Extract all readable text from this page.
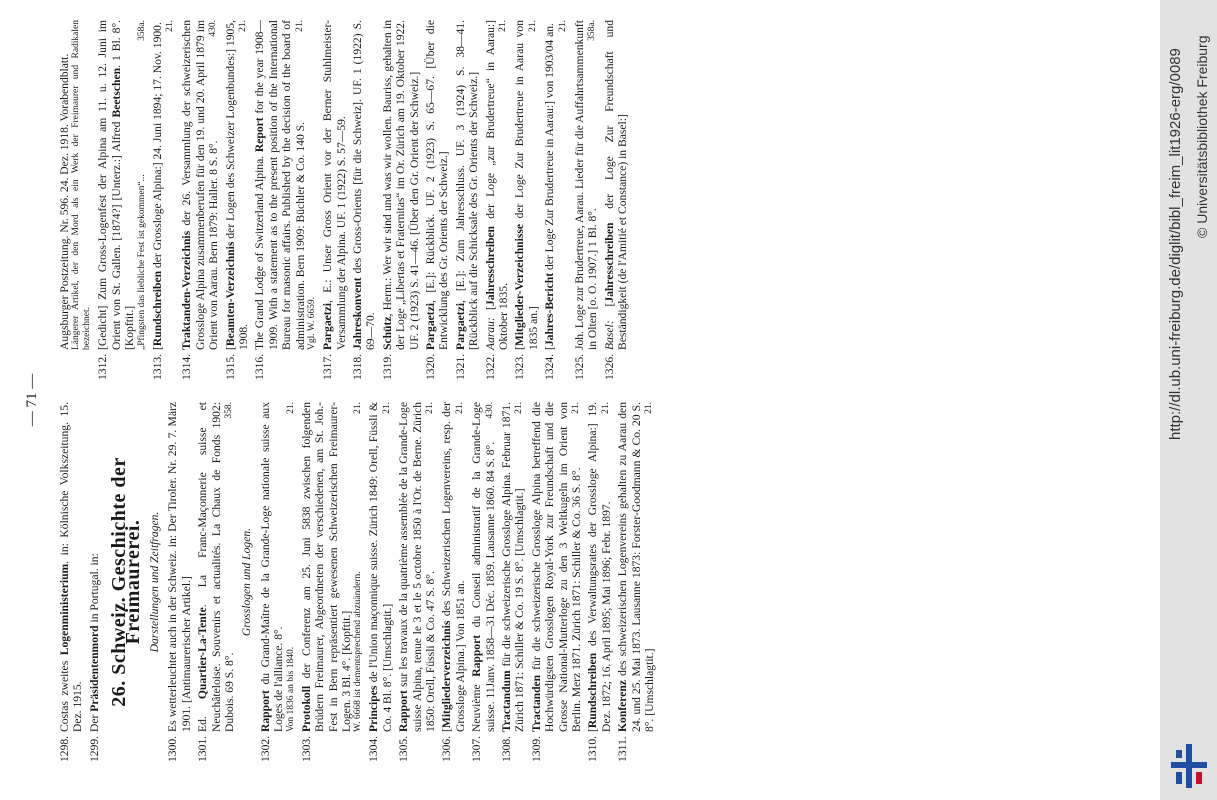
— 71 —
1298.
Costas zweites Logenministerium. in: Kölnische Volkszeitung. 15. Dez. 1915.
1299.
Der Präsidentenmord in Portugal. in: 26. Schweiz. Geschichte der Freimaurerei. Darstellungen und Zeitfragen.
1300.
Es wetterleuchtet auch in der Schweiz. in: Der Tiroler. Nr. 29. 7. März 1901. [Antimaurerischer Artikel.]
1301.
Ed. Quartier-La-Tente. La Franc-Maçonnerie suisse et Neuchâteloise. Souvenirs et actualités. La Chaux de Fonds 1902: Dubois. 69 S. 8°.
358.
Grosslogen und Logen.
1302.
Rapport du Grand-Maître de la Grande-Loge nationale suisse aux Loges de l'alliance. 8°. Von 1836 an bis 1840.
21.
1303.
Protokoll der Conferenz am 25. Juni 5838 zwischen folgenden Brüdern Freimaurer, Abgeordneten der verschiedenen, am St. Joh.-Fest in Bern repräsentiert gewesenen Schweizerischen Freimaurer-Logen. 3 Bl. 4°. [Kopftit.] W. 6668 ist dementsprechend abzuändern.
21.
1304.
Principes de l'Union maçonnique suisse. Zürich 1849: Orell, Füssli & Co. 4 Bl. 8°. [Umschlagtit.]
21.
1305.
Rapport sur les travaux de la quatrième assemblée de la Grande-Loge suisse Alpina, tenue le 3 et le 5 octobre 1850 à l'Or. de Berne. Zürich 1850: Orell, Füssli & Co. 47 S. 8°.
21.
1306.
[Mitgliederverzeichnis des Schweizerischen Logenvereins, resp. der Grossloge Alpina.] Von 1851 an.
21.
1307.
Neuvième Rapport du Conseil administratif de la Grande-Loge suisse. 11Janv. 1858—31 Déc. 1859. Lausanne 1860. 84 S. 8°.
430.
1308.
Tractandum für die schweizerische Grossloge Alpina. Februar 1871. Zürich 1871: Schiller & Co. 19 S. 8°. [Umschlagtit.]
21.
1309.
Tractanden für die schweizerische Grossloge Alpina betreffend die Hochwürdigsten Grosslogen Royal-York zur Freundschaft und die Grosse National-Mutterloge zu den 3 Weltkugeln im Orient von Berlin. Merz 1871. Zürich 1871: Schiller & Co. 36 S. 8°.
21.
1310.
[Rundschreiben des Verwaltungsrates der Grossloge Alpina:] 19. Dez. 1872; 16. April 1895; Mai 1896; Febr. 1897.
21.
1311.
Konferenz des schweizerischen Logenvereins gehalten zu Aarau den 24. und 25. Mai 1873. Lausanne 1873: Forster-Goodmann & Co. 20 S. 8°. [Umschlagtit.]
21.
Augsburger Postzeitung. Nr. 596. 24. Dez. 1918. Vorabendblatt. Längerer Artikel, der den Mord als ein Werk der Freimaurer und Radikalen bezeichnet.
1312.
[Gedicht] Zum Gross-Logenfest der Alpina am 11. u. 12. Juni im Orient von St. Gallen. [1874?] [Unterz.:] Alfred Beetschen. 1 Bl. 8°. [Kopftit.] „Pfingsten das liebliche Fest ist gekommen“...
358a.
1313.
[Rundschreiben der Grossloge Alpina:] 24. Juni 1894; 17. Nov. 1900. 21.
1314.
Traktanden-Verzeichnis der 26. Versammlung der schweizerischen Grossloge Alpina zusammenberufen für den 19. und 20. April 1879 im Orient von Aarau. Bern 1879: Haller. 8 S. 8°.
430.
1315.
[Beamten-Verzeichnis der Logen des Schweizer Logenbundes:] 1905, 1908.
21.
1316.
The Grand Lodge of Switzerland Alpina. Report for the year 1908—1909. With a statement as to the present position of the International Bureau for masonic affairs. Published by the decision of the board of administration. Bern 1909: Büchler & Co. 140 S.
21.
Vgl. W. 6659.
1317.
Pargaetzi, E.: Unser Gross Orient vor der Berner Stuhlmeister-Versammlung der Alpina. UF. 1 (1922) S. 57—59.
1318.
Jahreskonvent des Gross-Orients [für die Schweiz]. UF. 1 (1922) S. 69—70.
1319.
Schütz, Herm.: Wer wir sind und was wir wollen. Bauriss, gehalten in der Loge „Libertas et Fraternitas“ im Or. Zürich am 19. Oktober 1922. UF. 2 (1923) S. 41—46. [Über den Gr. Orient der Schweiz.]
1320.
Pargaetzi, [E.]: Rückblick. UF. 2 (1923) S. 65—67. [Über die Entwicklung des Gr. Orients der Schweiz.]
1321.
Pargaetzi, [E.]: Zum Jahresschluss. UF. 3 (1924) S. 38—41. [Rückblick auf die Schicksale des Gr. Orients der Schweiz.]
1322.
Aarau: [Jahresschreiben der Loge „zur Brudertreue“ in Aarau:] Oktober 1835.
21.
1323.
[Mitglieder-Verzeichnisse der Loge Zur Brudertreue in Aarau von 1835 an.]
21.
1324.
[Jahres-Bericht der Loge Zur Brudertreue in Aarau:] von 1903/04 an. 21.
1325.
Joh. Loge zur Brudertreue, Aarau. Lieder für die Auffahrtsammenkunft in Olten [o. O. 1907.] 1 Bl. 8°.
358a.
1326.
Basel: [Jahresschreiben der Loge Zur Freundschaft und Beständigkeit (de l'Amitié et Constance) in Basel:]	http://dl.ub.uni-freiburg.de/diglit/bibl_freim_lit1926-erg/0089 © Universitätsbibliothek Freiburg
